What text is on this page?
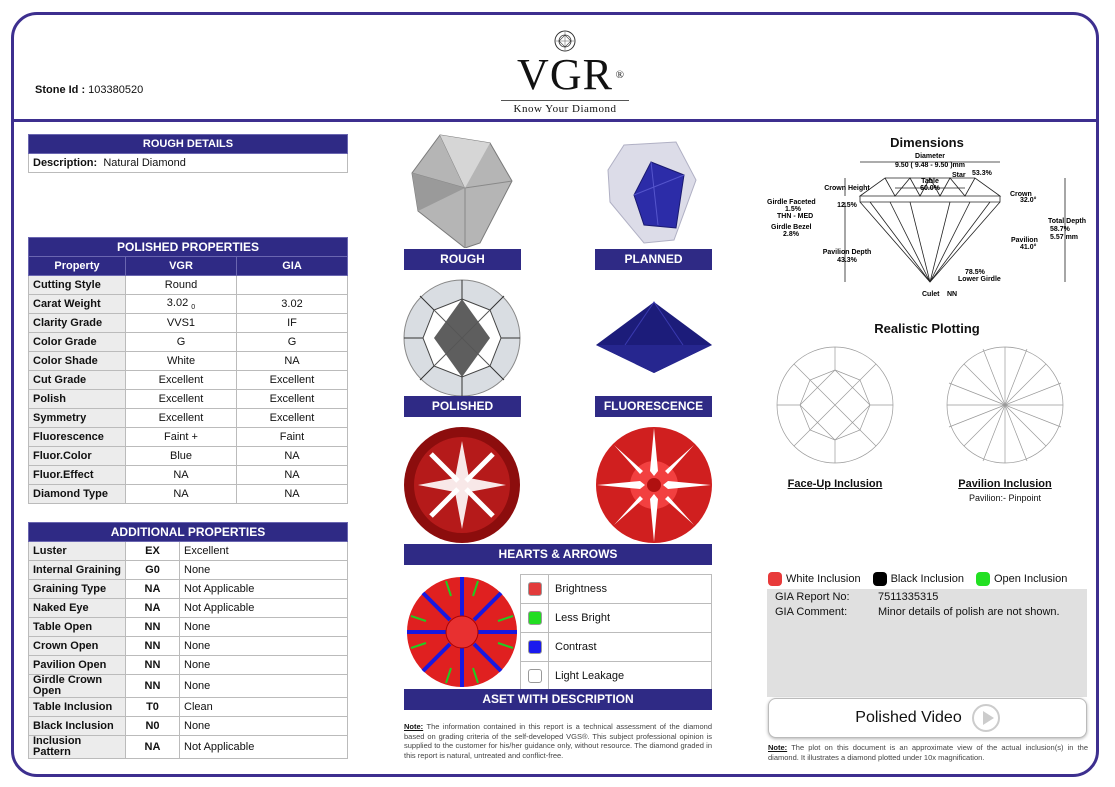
Stone Id : 103380520	VGR ®
Know Your Diamond
ROUGH DETAILS
Description: Natural Diamond
POLISHED PROPERTIES		
Property	VGR	GIA
Cutting Style	Round	
Carat Weight	3.02 $_0$	3.02
Clarity Grade	VVS1	IF
Color Grade	G	G
Color Shade	White	NA
Cut Grade	Excellent	Excellent
Polish	Excellent	Excellent
Symmetry	Excellent	Excellent
Fluorescence	Faint +	Faint
Fluor.Color	Blue	NA
Fluor.Effect	NA	NA
Diamond Type	NA	NA
ADDITIONAL PROPERTIES		
Luster	EX	Excellent
Internal Graining	G0	None
Graining Type	NA	Not Applicable
Naked Eye	NA	Not Applicable
Table Open	NN	None
Crown Open	NN	None
Pavilion Open	NN	None
Girdle Crown Open	NN	None
Table Inclusion	T0	Clean
Black Inclusion	N0	None
Inclusion Pattern	NA	Not Applicable
ROUGH	PLANNED
POLISHED	FLUORESCENCE
HEARTS & ARROWS
	Brightness
	Less Bright
	Contrast
	Light Leakage
ASET WITH DESCRIPTION
Note: The information contained in this report is a technical assessment of the diamond based on grading criteria of the self-developed VGS®. This subject professional opinion is supplied to the customer for his/her guidance only, without resource. The diamond graded in this report is natural, untreated and conflict-free.
Dimensions
Diameter
9.50 ( 9.48 - 9.50 )mm
Star 53.3%
Table
60.0%
Crown Height
12.5%
Girdle Faceted
1.5%
THN - MED
Girdle Bezel
2.8%
Pavilion Depth
43.3%
Crown
32.0°
Total Depth
58.7%
5.57 mm
Pavilion
41.0°
78.5%
Lower Girdle
Culet NN
Realistic Plotting
Face-Up Inclusion	Pavilion Inclusion
Pavilion:- Pinpoint
White Inclusion	Black Inclusion	Open Inclusion
GIA Report No:	7511335315
GIA Comment:	Minor details of polish are not shown.
Polished Video
Note: The plot on this document is an approximate view of the actual inclusion(s) in the diamond. It illustrates a diamond plotted under 10x magnification.
